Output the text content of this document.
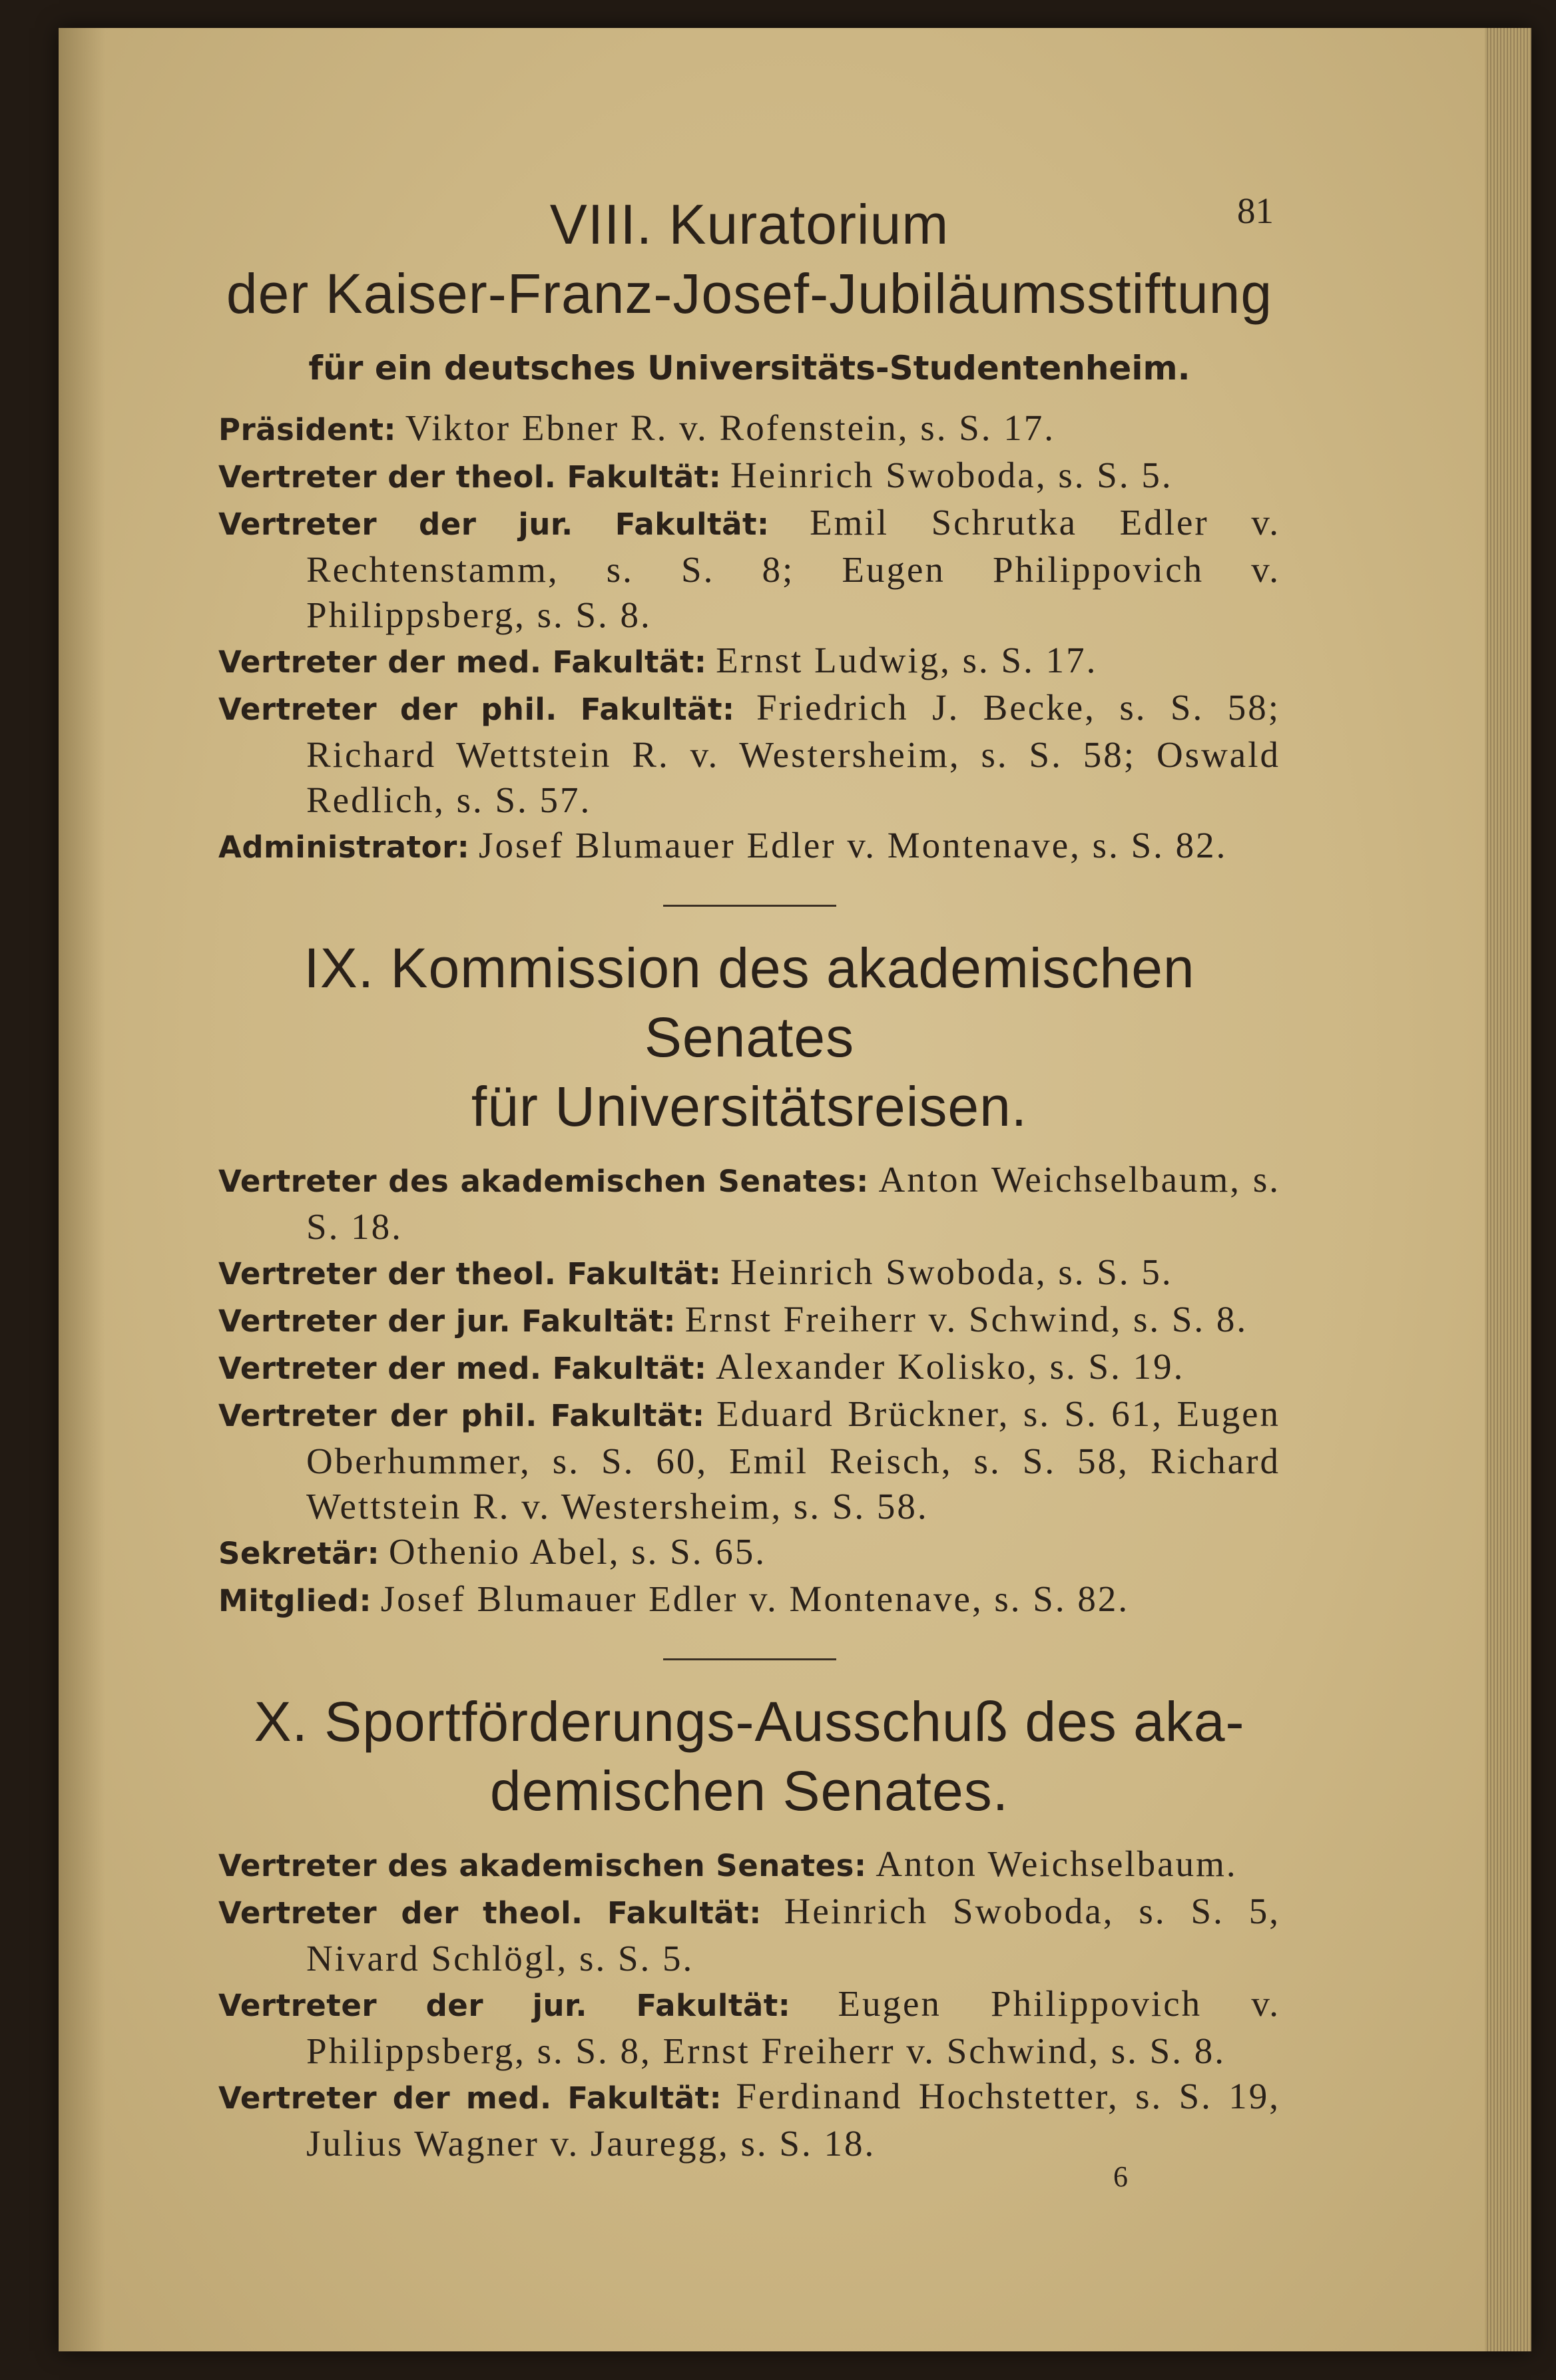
81
VIII. Kuratorium
der Kaiser-Franz-Josef-Jubiläumsstiftung
für ein deutsches Universitäts-Studentenheim.

Präsident: Viktor Ebner R. v. Rofenstein, s. S. 17.

Vertreter der theol. Fakultät: Heinrich Swoboda, s. S. 5.

Vertreter der jur. Fakultät: Emil Schrutka Edler v. Rechtenstamm, s. S. 8; Eugen Philippovich v. Philippsberg, s. S. 8.

Vertreter der med. Fakultät: Ernst Ludwig, s. S. 17.

Vertreter der phil. Fakultät: Friedrich J. Becke, s. S. 58; Richard Wettstein R. v. Westersheim, s. S. 58; Oswald Redlich, s. S. 57.

Administrator: Josef Blumauer Edler v. Montenave, s. S. 82.

IX. Kommission des akademischen Senates
für Universitätsreisen.

Vertreter des akademischen Senates: Anton Weichselbaum, s. S. 18.

Vertreter der theol. Fakultät: Heinrich Swoboda, s. S. 5.

Vertreter der jur. Fakultät: Ernst Freiherr v. Schwind, s. S. 8.

Vertreter der med. Fakultät: Alexander Kolisko, s. S. 19.

Vertreter der phil. Fakultät: Eduard Brückner, s. S. 61, Eugen Oberhummer, s. S. 60, Emil Reisch, s. S. 58, Richard Wettstein R. v. Westersheim, s. S. 58.

Sekretär: Othenio Abel, s. S. 65.

Mitglied: Josef Blumauer Edler v. Montenave, s. S. 82.

X. Sportförderungs-Ausschuß des aka-
demischen Senates.

Vertreter des akademischen Senates: Anton Weichselbaum.

Vertreter der theol. Fakultät: Heinrich Swoboda, s. S. 5, Nivard Schlögl, s. S. 5.

Vertreter der jur. Fakultät: Eugen Philippovich v. Philippsberg, s. S. 8, Ernst Freiherr v. Schwind, s. S. 8.

Vertreter der med. Fakultät: Ferdinand Hochstetter, s. S. 19, Julius Wagner v. Jauregg, s. S. 18.

6
